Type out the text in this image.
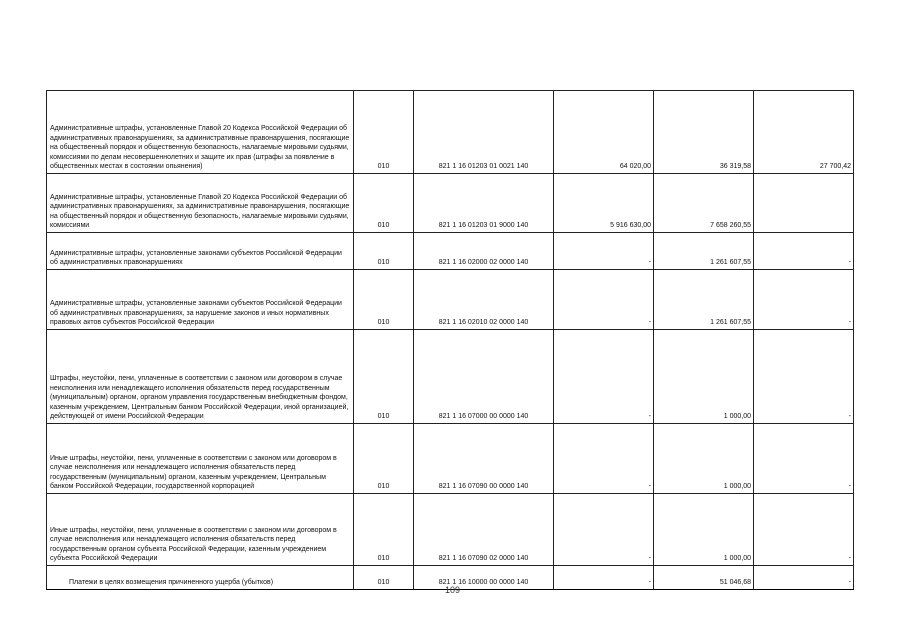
Административные штрафы, установленные Главой 20 Кодекса Российской Федерации об административных правонарушениях, за административные правонарушения, посягающие на общественный порядок и общественную безопасность, налагаемые мировыми судьями, комиссиями по делам несовершеннолетних и защите их прав (штрафы за появление в общественных местах в состоянии опьянения)	010	821 1 16 01203 01 0021 140	64 020,00	36 319,58	27 700,42
Административные штрафы, установленные Главой 20 Кодекса Российской Федерации об административных правонарушениях, за административные правонарушения, посягающие на общественный порядок и общественную безопасность, налагаемые мировыми судьями, комиссиями	010	821 1 16 01203 01 9000 140	5 916 630,00	7 658 260,55	
Административные штрафы, установленные законами субъектов Российской Федерации об административных правонарушениях	010	821 1 16 02000 02 0000 140	-	1 261 607,55	-
Административные штрафы, установленные законами субъектов Российской Федерации об административных правонарушениях, за нарушение законов и иных нормативных правовых актов субъектов Российской Федерации	010	821 1 16 02010 02 0000 140	-	1 261 607,55	-
Штрафы, неустойки, пени, уплаченные в соответствии с законом или договором в случае неисполнения или ненадлежащего исполнения обязательств перед государственным (муниципальным) органом, органом управления государственным внебюджетным фондом, казенным учреждением, Центральным банком Российской Федерации, иной организацией, действующей от имени Российской Федерации	010	821 1 16 07000 00 0000 140	-	1 000,00	-
Иные штрафы, неустойки, пени, уплаченные в соответствии с законом или договором в случае неисполнения или ненадлежащего исполнения обязательств перед государственным (муниципальным) органом, казенным учреждением, Центральным банком Российской Федерации, государственной корпорацией	010	821 1 16 07090 00 0000 140	-	1 000,00	-
Иные штрафы, неустойки, пени, уплаченные в соответствии с законом или договором в случае неисполнения или ненадлежащего исполнения обязательств перед государственным органом субъекта Российской Федерации, казенным учреждением субъекта Российской Федерации	010	821 1 16 07090 02 0000 140	-	1 000,00	-
Платежи в целях возмещения причиненного ущерба (убытков)	010	821 1 16 10000 00 0000 140	-	51 046,68	-
109
